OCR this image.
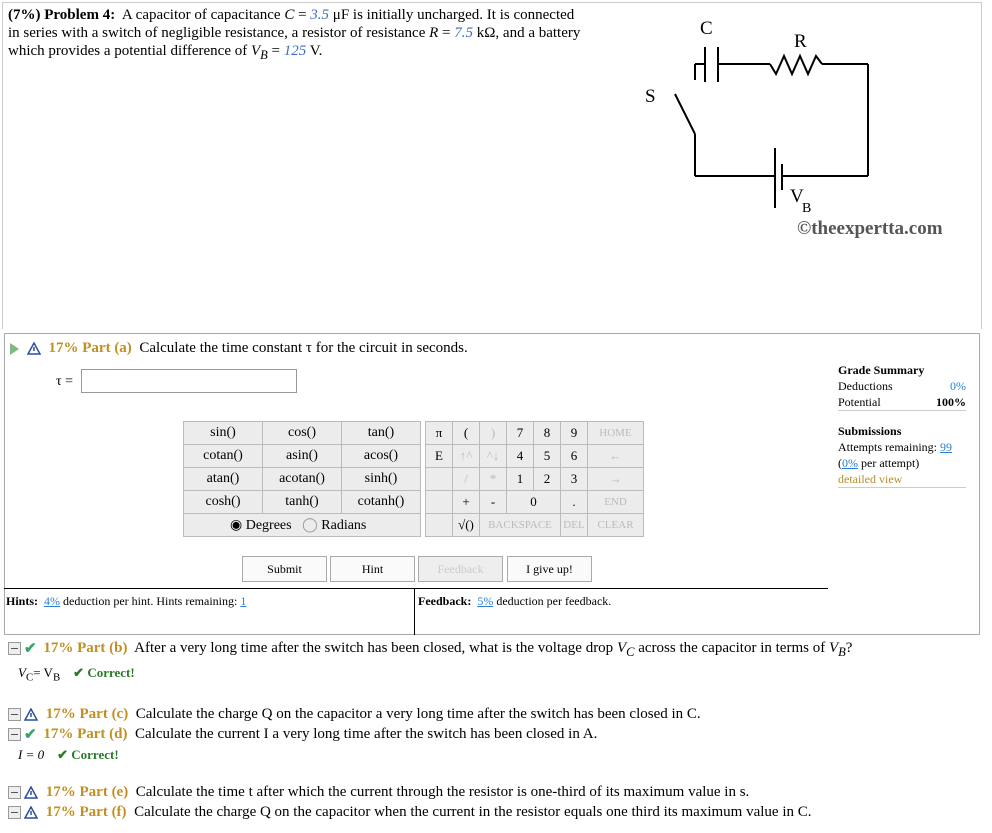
(7%) Problem 4: A capacitor of capacitance C = 3.5 μF is initially uncharged. It is connected in series with a switch of negligible resistance, a resistor of resistance R = 7.5 kΩ, and a battery which provides a potential difference of $V_B = 125$ V.
C
R
S
V
B
©theexpertta.com
17% Part (a) Calculate the time constant τ for the circuit in seconds.
τ =
Grade Summary
Deductions	0%
Potential	100%
Submissions
Attempts remaining: 99
(0% per attempt)
detailed view
sin()	cos()	tan()
cotan()	asin()	acos()
atan()	acotan()	sinh()
cosh()	tanh()	cotanh()
◉ Degrees ◯ Radians		
π	(	)	7	8	9	HOME
E	↑^	^↓	4	5	6	←
	/	*	1	2	3	→
	+	-	0		.	END
	√()	BACKSPACE			DEL	CLEAR
Submit	Hint	Feedback	I give up!
Hints: 4% deduction per hint. Hints remaining: 1	Feedback: 5% deduction per feedback.
✔ 17% Part (b) After a very long time after the switch has been closed, what is the voltage drop $V_C$ across the capacitor in terms of $V_B$?
$V_C= V_B$ ✔ Correct!
17% Part (c) Calculate the charge Q on the capacitor a very long time after the switch has been closed in C.
✔ 17% Part (d) Calculate the current I a very long time after the switch has been closed in A.
I = 0 ✔ Correct!
17% Part (e) Calculate the time t after which the current through the resistor is one-third of its maximum value in s.
17% Part (f) Calculate the charge Q on the capacitor when the current in the resistor equals one third its maximum value in C.
